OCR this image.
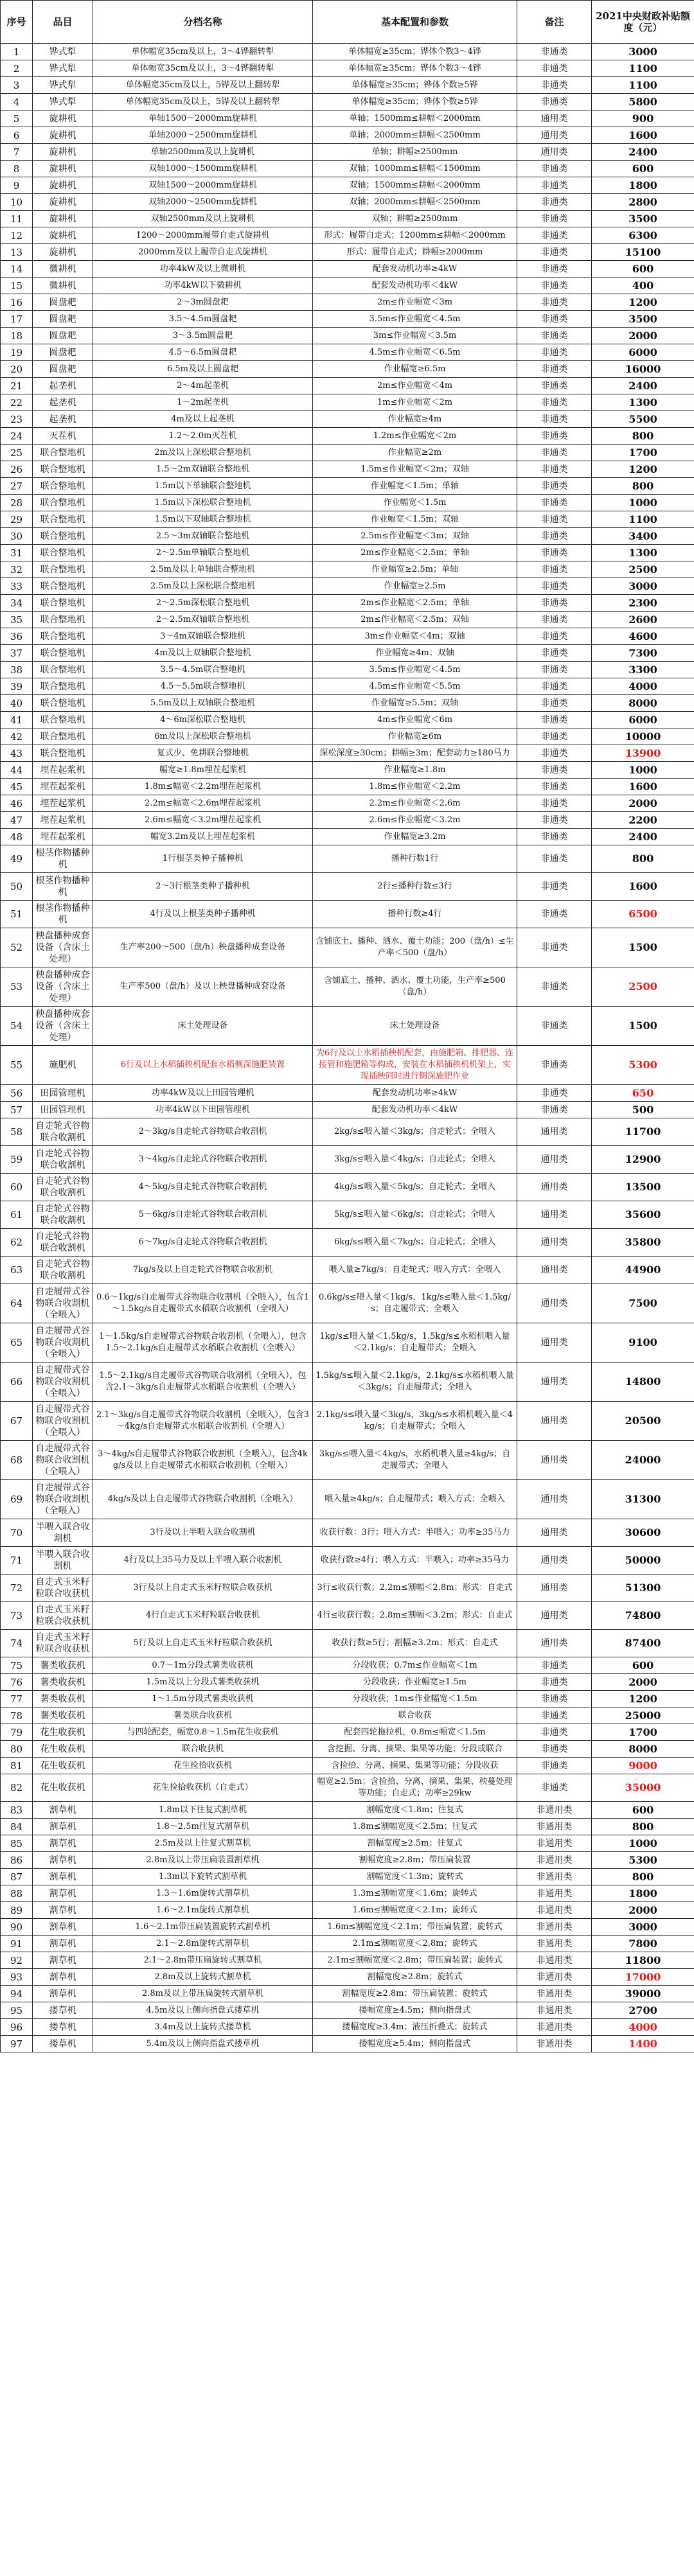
序号	品目	分档名称	基本配置和参数	备注	2021中央财政补贴额度（元）
1	铧式犁	单体幅宽35cm及以上，3～4铧翻转犁	单体幅宽≥35cm；铧体个数3～4铧	非通类	3000
2	铧式犁	单体幅宽35cm及以上，3～4铧翻转犁	单体幅宽≥35cm；铧体个数3～4铧	非通类	1100
3	铧式犁	单体幅宽35cm及以上，5铧及以上翻转犁	单体幅宽≥35cm；铧体个数≥5铧	非通类	1100
4	铧式犁	单体幅宽35cm及以上，5铧及以上翻转犁	单体幅宽≥35cm；铧体个数≥5铧	非通类	5800
5	旋耕机	单轴1500～2000mm旋耕机	单轴；1500mm≤耕幅＜2000mm	通用类	900
6	旋耕机	单轴2000～2500mm旋耕机	单轴；2000mm≤耕幅＜2500mm	通用类	1600
7	旋耕机	单轴2500mm及以上旋耕机	单轴；耕幅≥2500mm	通用类	2400
8	旋耕机	双轴1000～1500mm旋耕机	双轴；1000mm≤耕幅＜1500mm	非通类	600
9	旋耕机	双轴1500～2000mm旋耕机	双轴；1500mm≤耕幅＜2000mm	非通类	1800
10	旋耕机	双轴2000～2500mm旋耕机	双轴；2000mm≤耕幅＜2500mm	非通类	2800
11	旋耕机	双轴2500mm及以上旋耕机	双轴；耕幅≥2500mm	非通类	3500
12	旋耕机	1200～2000mm履带自走式旋耕机	形式：履带自走式；1200mm≤耕幅＜2000mm	非通类	6300
13	旋耕机	2000mm及以上履带自走式旋耕机	形式：履带自走式；耕幅≥2000mm	非通类	15100
14	微耕机	功率4kW及以上微耕机	配套发动机功率≥4kW	非通类	600
15	微耕机	功率4kW以下微耕机	配套发动机功率＜4kW	非通类	400
16	圆盘耙	2～3m圆盘耙	2m≤作业幅宽＜3m	非通类	1200
17	圆盘耙	3.5～4.5m圆盘耙	3.5m≤作业幅宽＜4.5m	非通类	3500
18	圆盘耙	3～3.5m圆盘耙	3m≤作业幅宽＜3.5m	非通类	2000
19	圆盘耙	4.5～6.5m圆盘耙	4.5m≤作业幅宽＜6.5m	非通类	6000
20	圆盘耙	6.5m及以上圆盘耙	作业幅宽≥6.5m	非通类	16000
21	起垄机	2～4m起垄机	2m≤作业幅宽＜4m	非通类	2400
22	起垄机	1～2m起垄机	1m≤作业幅宽＜2m	非通类	1300
23	起垄机	4m及以上起垄机	作业幅宽≥4m	非通类	5500
24	灭茬机	1.2～2.0m灭茬机	1.2m≤作业幅宽＜2m	非通类	800
25	联合整地机	2m及以上深松联合整地机	作业幅宽≥2m	非通类	1700
26	联合整地机	1.5～2m双轴联合整地机	1.5m≤作业幅宽＜2m；双轴	非通类	1200
27	联合整地机	1.5m以下单轴联合整地机	作业幅宽＜1.5m；单轴	非通类	800
28	联合整地机	1.5m以下深松联合整地机	作业幅宽＜1.5m	非通类	1000
29	联合整地机	1.5m以下双轴联合整地机	作业幅宽＜1.5m；双轴	非通类	1100
30	联合整地机	2.5～3m双轴联合整地机	2.5m≤作业幅宽＜3m；双轴	非通类	3400
31	联合整地机	2～2.5m单轴联合整地机	2m≤作业幅宽＜2.5m；单轴	非通类	1300
32	联合整地机	2.5m及以上单轴联合整地机	作业幅宽≥2.5m；单轴	非通类	2500
33	联合整地机	2.5m及以上深松联合整地机	作业幅宽≥2.5m	非通类	3000
34	联合整地机	2～2.5m深松联合整地机	2m≤作业幅宽＜2.5m；单轴	非通类	2300
35	联合整地机	2～2.5m双轴联合整地机	2m≤作业幅宽＜2.5m；双轴	非通类	2600
36	联合整地机	3～4m双轴联合整地机	3m≤作业幅宽＜4m；双轴	非通类	4600
37	联合整地机	4m及以上双轴联合整地机	作业幅宽≥4m；双轴	非通类	7300
38	联合整地机	3.5～4.5m联合整地机	3.5m≤作业幅宽＜4.5m	非通类	3300
39	联合整地机	4.5～5.5m联合整地机	4.5m≤作业幅宽＜5.5m	非通类	4000
40	联合整地机	5.5m及以上双轴联合整地机	作业幅宽≥5.5m；双轴	非通类	8000
41	联合整地机	4～6m深松联合整地机	4m≤作业幅宽＜6m	非通类	6000
42	联合整地机	6m及以上深松联合整地机	作业幅宽≥6m	非通类	10000
43	联合整地机	复式少、免耕联合整地机	深松深度≥30cm；耕幅≥3m；配套动力≥180马力	非通类	13900
44	埋茬起浆机	幅宽≥1.8m埋茬起浆机	作业幅宽≥1.8m	非通类	1000
45	埋茬起浆机	1.8m≤幅宽＜2.2m埋茬起浆机	1.8m≤作业幅宽＜2.2m	非通类	1600
46	埋茬起浆机	2.2m≤幅宽＜2.6m埋茬起浆机	2.2m≤作业幅宽＜2.6m	非通类	2000
47	埋茬起浆机	2.6m≤幅宽＜3.2m埋茬起浆机	2.6m≤作业幅宽＜3.2m	非通类	2200
48	埋茬起浆机	幅宽3.2m及以上埋茬起浆机	作业幅宽≥3.2m	非通类	2400
49	根茎作物播种机	1行根茎类种子播种机	播种行数1行	非通类	800
50	根茎作物播种机	2～3行根茎类种子播种机	2行≤播种行数≤3行	非通类	1600
51	根茎作物播种机	4行及以上根茎类种子播种机	播种行数≥4行	非通类	6500
52	秧盘播种成套设备（含床土处理）	生产率200～500（盘/h）秧盘播种成套设备	含铺底土、播种、洒水、覆土功能；200（盘/h）≤生产率＜500（盘/h）	非通类	1500
53	秧盘播种成套设备（含床土处理）	生产率500（盘/h）及以上秧盘播种成套设备	含铺底土、播种、洒水、覆土功能，生产率≥500（盘/h）	非通类	2500
54	秧盘播种成套设备（含床土处理）	床土处理设备	床土处理设备	非通类	1500
55	施肥机	6行及以上水稻插秧机配套水稻侧深施肥装置	为6行及以上水稻插秧机配套，由施肥箱、排肥器、连接管和施肥箱等构成，安装在水稻插秧机机架上，实现插秧同时进行侧深施肥作业	非通类	5300
56	田园管理机	功率4kW及以上田园管理机	配套发动机功率≥4kW	非通类	650
57	田园管理机	功率4kW以下田园管理机	配套发动机功率＜4kW	非通类	500
58	自走轮式谷物联合收割机	2～3kg/s自走轮式谷物联合收割机	2kg/s≤喂入量＜3kg/s；自走轮式；全喂入	通用类	11700
59	自走轮式谷物联合收割机	3～4kg/s自走轮式谷物联合收割机	3kg/s≤喂入量＜4kg/s；自走轮式；全喂入	通用类	12900
60	自走轮式谷物联合收割机	4～5kg/s自走轮式谷物联合收割机	4kg/s≤喂入量＜5kg/s；自走轮式；全喂入	通用类	13500
61	自走轮式谷物联合收割机	5～6kg/s自走轮式谷物联合收割机	5kg/s≤喂入量＜6kg/s；自走轮式；全喂入	通用类	35600
62	自走轮式谷物联合收割机	6～7kg/s自走轮式谷物联合收割机	6kg/s≤喂入量＜7kg/s；自走轮式；全喂入	通用类	35800
63	自走轮式谷物联合收割机	7kg/s及以上自走轮式谷物联合收割机	喂入量≥7kg/s；自走轮式；喂入方式：全喂入	通用类	44900
64	自走履带式谷物联合收割机（全喂入）	0.6～1kg/s自走履带式谷物联合收割机（全喂入），包含1～1.5kg/s自走履带式水稻联合收割机（全喂入）	0.6kg/s≤喂入量＜1kg/s，1kg/s≤喂入量＜1.5kg/s；自走履带式；全喂入	通用类	7500
65	自走履带式谷物联合收割机（全喂入）	1～1.5kg/s自走履带式谷物联合收割机（全喂入），包含1.5～2.1kg/s自走履带式水稻联合收割机（全喂入）	1kg/s≤喂入量＜1.5kg/s，1.5kg/s≤水稻机喂入量＜2.1kg/s；自走履带式；全喂入	通用类	9100
66	自走履带式谷物联合收割机（全喂入）	1.5～2.1kg/s自走履带式谷物联合收割机（全喂入），包含2.1～3kg/s自走履带式水稻联合收割机（全喂入）	1.5kg/s≤喂入量＜2.1kg/s，2.1kg/s≤水稻机喂入量＜3kg/s；自走履带式；全喂入	通用类	14800
67	自走履带式谷物联合收割机（全喂入）	2.1～3kg/s自走履带式谷物联合收割机（全喂入），包含3～4kg/s自走履带式水稻联合收割机（全喂入）	2.1kg/s≤喂入量＜3kg/s，3kg/s≤水稻机喂入量＜4kg/s；自走履带式；全喂入	通用类	20500
68	自走履带式谷物联合收割机（全喂入）	3～4kg/s自走履带式谷物联合收割机（全喂入），包含4kg/s及以上自走履带式水稻联合收割机（全喂入）	3kg/s≤喂入量＜4kg/s，水稻机喂入量≥4kg/s；自走履带式；全喂入	通用类	24000
69	自走履带式谷物联合收割机（全喂入）	4kg/s及以上自走履带式谷物联合收割机（全喂入）	喂入量≥4kg/s；自走履带式；喂入方式：全喂入	通用类	31300
70	半喂入联合收割机	3行及以上半喂入联合收割机	收获行数：3行；喂入方式：半喂入；功率≥35马力	通用类	30600
71	半喂入联合收割机	4行及以上35马力及以上半喂入联合收割机	收获行数≥4行；喂入方式：半喂入；功率≥35马力	通用类	50000
72	自走式玉米籽粒联合收获机	3行及以上自走式玉米籽粒联合收获机	3行≤收获行数；2.2m≤割幅＜2.8m；形式：自走式	通用类	51300
73	自走式玉米籽粒联合收获机	4行自走式玉米籽粒联合收获机	4行≤收获行数；2.8m≤割幅＜3.2m；形式：自走式	通用类	74800
74	自走式玉米籽粒联合收获机	5行及以上自走式玉米籽粒联合收获机	收获行数≥5行；割幅≥3.2m；形式：自走式	通用类	87400
75	薯类收获机	0.7～1m分段式薯类收获机	分段收获；0.7m≤作业幅宽＜1m	非通类	600
76	薯类收获机	1.5m及以上分段式薯类收获机	分段收获；作业幅宽≥1.5m	非通类	2000
77	薯类收获机	1～1.5m分段式薯类收获机	分段收获；1m≤作业幅宽＜1.5m	非通类	1200
78	薯类收获机	薯类联合收获机	联合收获	非通类	25000
79	花生收获机	与四轮配套，幅宽0.8～1.5m花生收获机	配套四轮拖拉机，0.8m≤幅宽＜1.5m	非通类	1700
80	花生收获机	联合收获机	含挖掘、分离、摘果、集果等功能；分段或联合	非通类	8000
81	花生收获机	花生捡拾收获机	含捡拾、分离、摘果、集果等功能；分段收获	非通类	9000
82	花生收获机	花生捡拾收获机（自走式）	幅宽≥2.5m；含捡拾、分离、摘果、集果、秧蔓处理等功能；自走式；功率≥29kw	非通类	35000
83	割草机	1.8m以下往复式割草机	割幅宽度＜1.8m；往复式	非通用类	600
84	割草机	1.8～2.5m往复式割草机	1.8m≤割幅宽度＜2.5m；往复式	非通用类	800
85	割草机	2.5m及以上往复式割草机	割幅宽度≥2.5m；往复式	非通用类	1000
86	割草机	2.8m及以上带压扁装置割草机	割幅宽度≥2.8m；带压扁装置	非通用类	5300
87	割草机	1.3m以下旋转式割草机	割幅宽度＜1.3m；旋转式	非通用类	800
88	割草机	1.3～1.6m旋转式割草机	1.3m≤割幅宽度＜1.6m；旋转式	非通用类	1800
89	割草机	1.6～2.1m旋转式割草机	1.6m≤割幅宽度＜2.1m；旋转式	非通用类	2000
90	割草机	1.6～2.1m带压扁装置旋转式割草机	1.6m≤割幅宽度＜2.1m；带压扁装置；旋转式	非通用类	3000
91	割草机	2.1～2.8m旋转式割草机	2.1m≤割幅宽度＜2.8m；旋转式	非通用类	7800
92	割草机	2.1～2.8m带压扁旋转式割草机	2.1m≤割幅宽度＜2.8m；带压扁装置；旋转式	非通用类	11800
93	割草机	2.8m及以上旋转式割草机	割幅宽度≥2.8m；旋转式	非通用类	17000
94	割草机	2.8m及以上带压扁旋转式割草机	割幅宽度≥2.8m；带压扁装置；旋转式	非通用类	39000
95	搂草机	4.5m及以上侧向指盘式搂草机	搂幅宽度≥4.5m；侧向指盘式	非通用类	2700
96	搂草机	3.4m及以上旋转式搂草机	搂幅宽度≥3.4m；液压折叠式；旋转式	非通用类	4000
97	搂草机	5.4m及以上侧向指盘式搂草机	搂幅宽度≥5.4m；侧向指盘式	非通用类	1400
